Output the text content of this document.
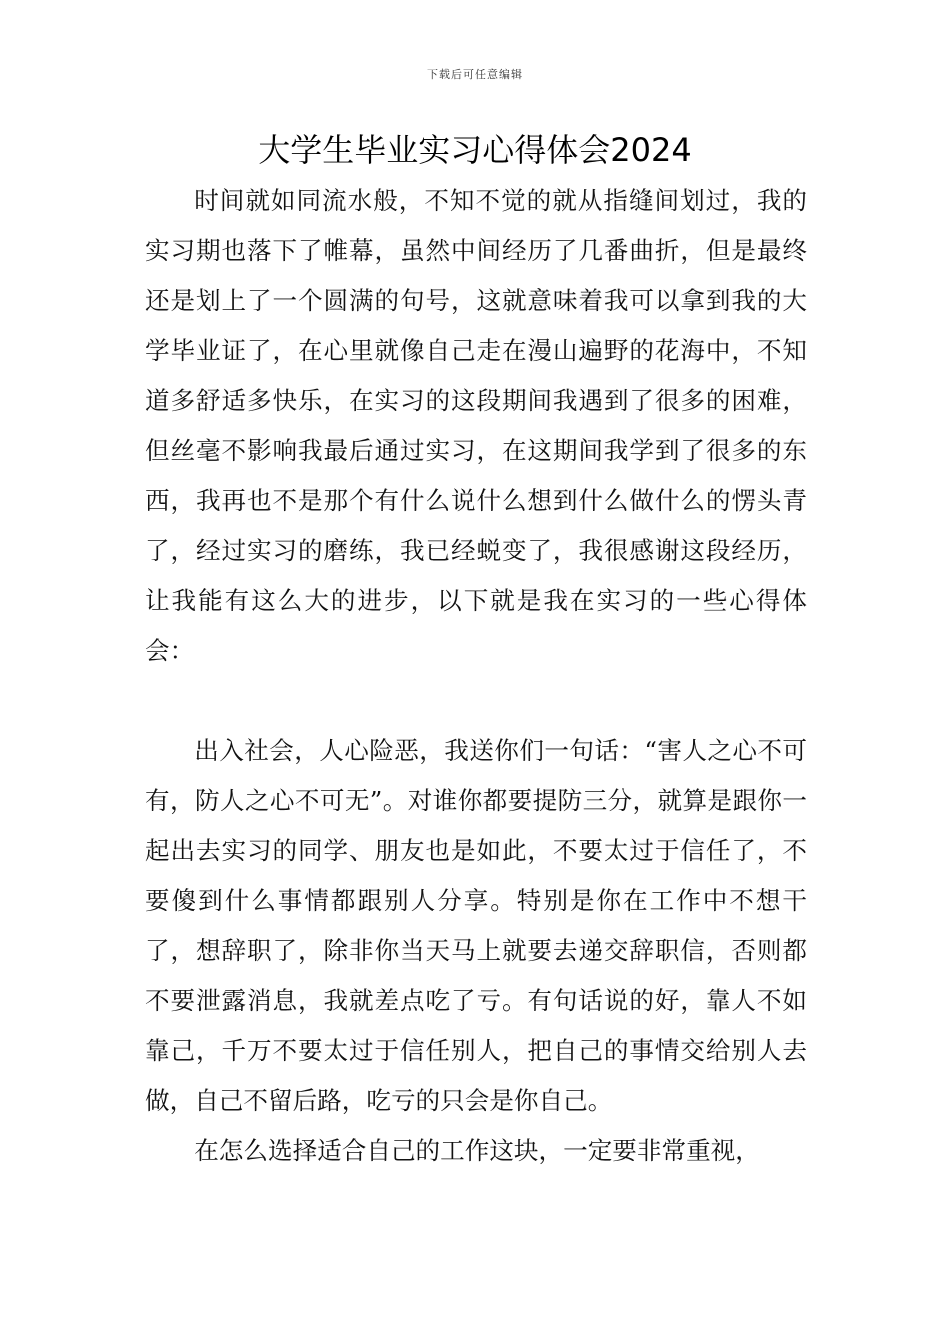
下载后可任意编辑
大学生毕业实习心得体会2024

时间就如同流水般，不知不觉的就从指缝间划过，我的实习期也落下了帷幕，虽然中间经历了几番曲折，但是最终还是划上了一个圆满的句号，这就意味着我可以拿到我的大学毕业证了，在心里就像自己走在漫山遍野的花海中，不知道多舒适多快乐，在实习的这段期间我遇到了很多的困难，但丝毫不影响我最后通过实习，在这期间我学到了很多的东西，我再也不是那个有什么说什么想到什么做什么的愣头青了，经过实习的磨练，我已经蜕变了，我很感谢这段经历，让我能有这么大的进步，以下就是我在实习的一些心得体会：

出入社会，人心险恶，我送你们一句话：“害人之心不可有，防人之心不可无”。对谁你都要提防三分，就算是跟你一起出去实习的同学、朋友也是如此，不要太过于信任了，不要傻到什么事情都跟别人分享。特别是你在工作中不想干了，想辞职了，除非你当天马上就要去递交辞职信，否则都不要泄露消息，我就差点吃了亏。有句话说的好，靠人不如靠己，千万不要太过于信任别人，把自己的事情交给别人去做，自己不留后路，吃亏的只会是你自己。

在怎么选择适合自己的工作这块，一定要非常重视，
